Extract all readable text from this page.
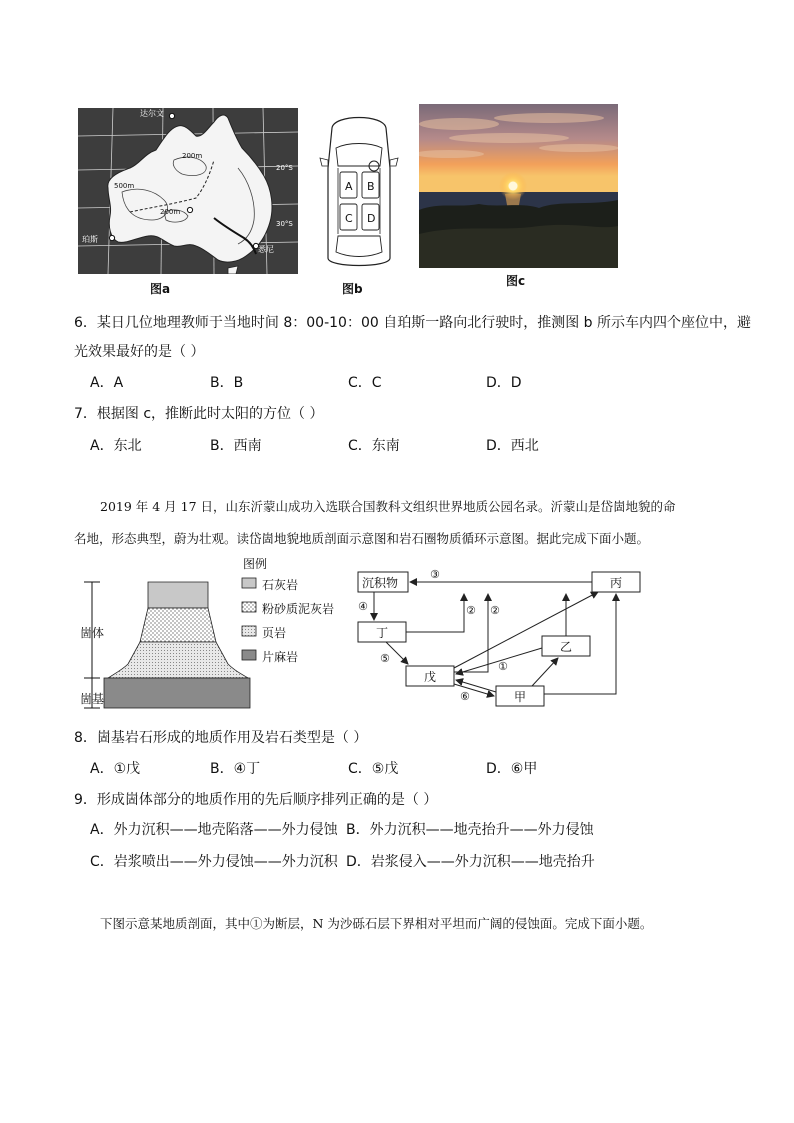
达尔文
珀斯
悉尼
20°S
30°S
200m
500m
200m
图a
A B
C D
图b
图c
6．某日几位地理教师于当地时间 8：00-10：00 自珀斯一路向北行驶时，推测图 b 所示车内四个座位中，避
光效果最好的是（ ）
A．A	B．B	C．C	D．D
7．根据图 c，推断此时太阳的方位（ ）
A．东北	B．西南	C．东南	D．西北
2019 年 4 月 17 日，山东沂蒙山成功入选联合国教科文组织世界地质公园名录。沂蒙山是岱崮地貌的命
名地，形态典型，蔚为壮观。读岱崮地貌地质剖面示意图和岩石圈物质循环示意图。据此完成下面小题。
图例
石灰岩
粉砂质泥灰岩
页岩
片麻岩
崮体
崮基
沉积物	丙
丁
乙
戊
甲
③
④	② ②
①
⑤
⑥
8．崮基岩石形成的地质作用及岩石类型是（ ）
A．①戊	B．④丁	C．⑤戊	D．⑥甲
9．形成崮体部分的地质作用的先后顺序排列正确的是（ ）
A．外力沉积——地壳陷落——外力侵蚀 B．外力沉积——地壳抬升——外力侵蚀
C．岩浆喷出——外力侵蚀——外力沉积 D．岩浆侵入——外力沉积——地壳抬升
下图示意某地质剖面，其中①为断层，N 为沙砾石层下界相对平坦而广阔的侵蚀面。完成下面小题。
